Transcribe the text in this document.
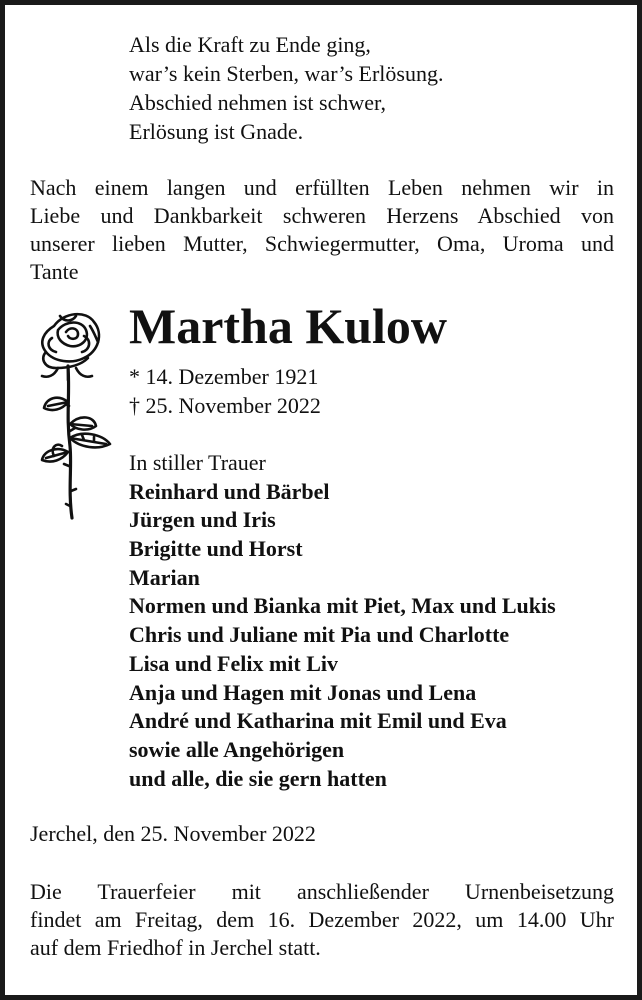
Als die Kraft zu Ende ging,
war’s kein Sterben, war’s Erlösung.
Abschied nehmen ist schwer,
Erlösung ist Gnade.
Nach einem langen und erfüllten Leben nehmen wir in
Liebe und Dankbarkeit schweren Herzens Abschied von
unserer lieben Mutter, Schwiegermutter, Oma, Uroma und
Tante
Martha Kulow
* 14. Dezember 1921
† 25. November 2022
In stiller Trauer
Reinhard und Bärbel
Jürgen und Iris
Brigitte und Horst
Marian
Normen und Bianka mit Piet, Max und Lukis
Chris und Juliane mit Pia und Charlotte
Lisa und Felix mit Liv
Anja und Hagen mit Jonas und Lena
André und Katharina mit Emil und Eva
sowie alle Angehörigen
und alle, die sie gern hatten
Jerchel, den 25. November 2022
Die Trauerfeier mit anschließender Urnenbeisetzung
findet am Freitag, dem 16. Dezember 2022, um 14.00 Uhr
auf dem Friedhof in Jerchel statt.
